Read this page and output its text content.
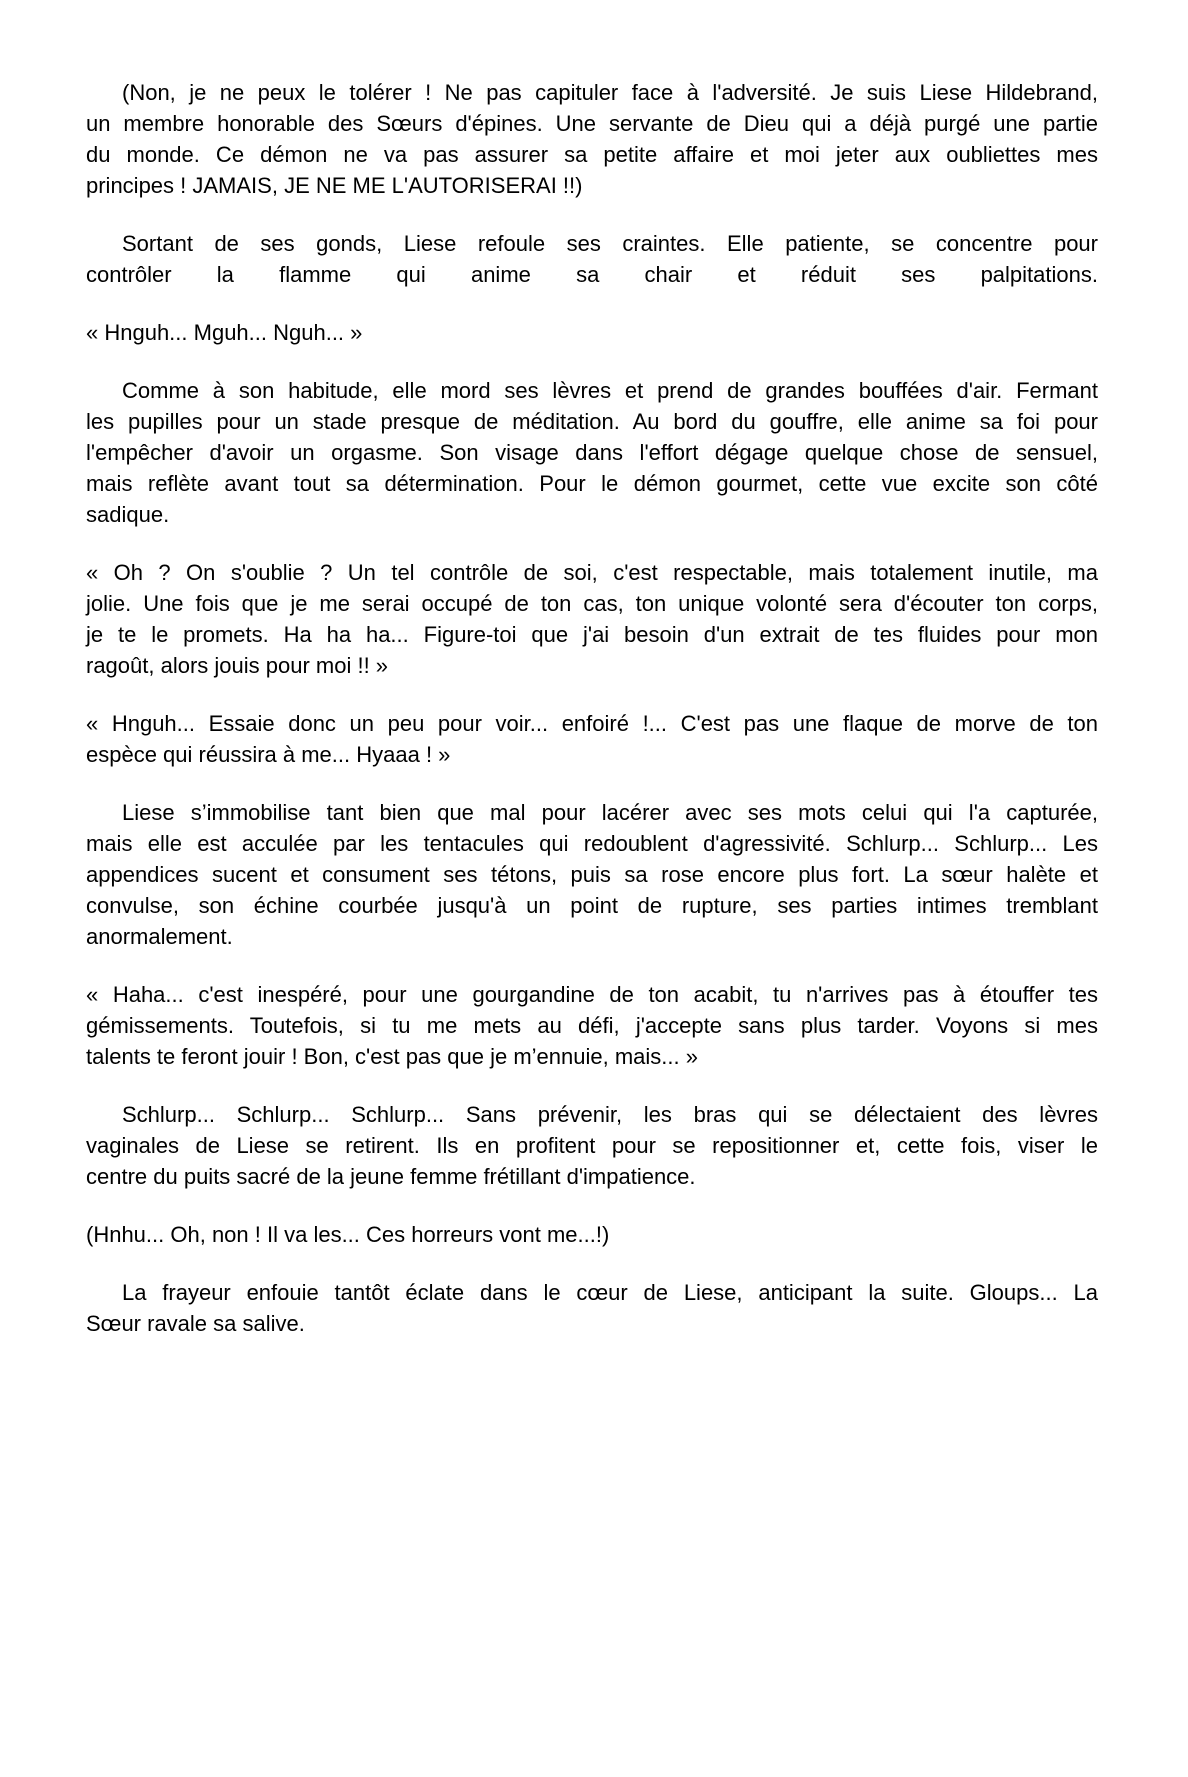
(Non, je ne peux le tolérer ! Ne pas capituler face à l'adversité. Je suis Liese Hildebrand,
un membre honorable des Sœurs d'épines. Une servante de Dieu qui a déjà purgé une partie
du monde. Ce démon ne va pas assurer sa petite affaire et moi jeter aux oubliettes mes
principes ! JAMAIS, JE NE ME L'AUTORISERAI !!)

Sortant de ses gonds, Liese refoule ses craintes. Elle patiente, se concentre pour
contrôler la flamme qui anime sa chair et réduit ses palpitations.

« Hnguh... Mguh... Nguh... »

Comme à son habitude, elle mord ses lèvres et prend de grandes bouffées d'air. Fermant
les pupilles pour un stade presque de méditation. Au bord du gouffre, elle anime sa foi pour
l'empêcher d'avoir un orgasme. Son visage dans l'effort dégage quelque chose de sensuel,
mais reflète avant tout sa détermination. Pour le démon gourmet, cette vue excite son côté
sadique.

« Oh ? On s'oublie ? Un tel contrôle de soi, c'est respectable, mais totalement inutile, ma
jolie. Une fois que je me serai occupé de ton cas, ton unique volonté sera d'écouter ton corps,
je te le promets. Ha ha ha... Figure-toi que j'ai besoin d'un extrait de tes fluides pour mon
ragoût, alors jouis pour moi !! »

« Hnguh... Essaie donc un peu pour voir... enfoiré !... C'est pas une flaque de morve de ton
espèce qui réussira à me... Hyaaa ! »

Liese s’immobilise tant bien que mal pour lacérer avec ses mots celui qui l'a capturée,
mais elle est acculée par les tentacules qui redoublent d'agressivité. Schlurp... Schlurp... Les
appendices sucent et consument ses tétons, puis sa rose encore plus fort. La sœur halète et
convulse, son échine courbée jusqu'à un point de rupture, ses parties intimes tremblant
anormalement.

« Haha... c'est inespéré, pour une gourgandine de ton acabit, tu n'arrives pas à étouffer tes
gémissements. Toutefois, si tu me mets au défi, j'accepte sans plus tarder. Voyons si mes
talents te feront jouir ! Bon, c'est pas que je m’ennuie, mais... »

Schlurp... Schlurp... Schlurp... Sans prévenir, les bras qui se délectaient des lèvres
vaginales de Liese se retirent. Ils en profitent pour se repositionner et, cette fois, viser le
centre du puits sacré de la jeune femme frétillant d'impatience.

(Hnhu... Oh, non ! Il va les... Ces horreurs vont me...!)

La frayeur enfouie tantôt éclate dans le cœur de Liese, anticipant la suite. Gloups... La
Sœur ravale sa salive.
